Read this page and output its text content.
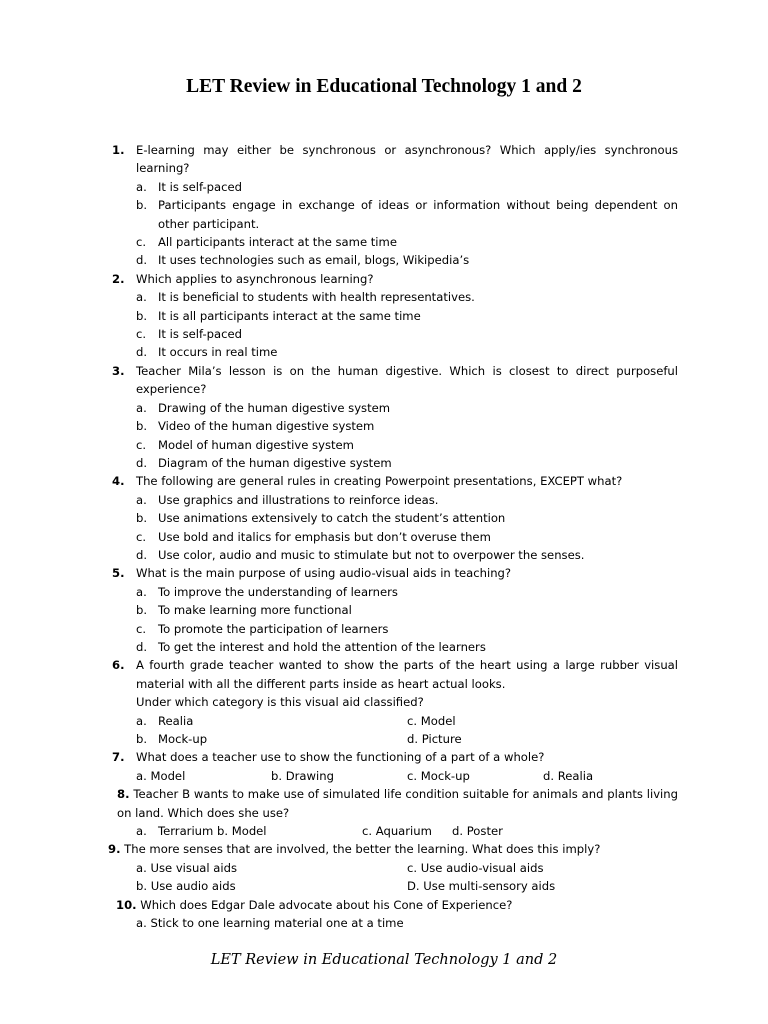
LET Review in Educational Technology 1 and 2
1. E-learning may either be synchronous or asynchronous? Which apply/ies synchronous learning?
a. It is self-paced
b. Participants engage in exchange of ideas or information without being dependent on other participant.
c. All participants interact at the same time
d. It uses technologies such as email, blogs, Wikipedia’s
2. Which applies to asynchronous learning?
a. It is beneficial to students with health representatives.
b. It is all participants interact at the same time
c. It is self-paced
d. It occurs in real time
3. Teacher Mila’s lesson is on the human digestive. Which is closest to direct purposeful experience?
a. Drawing of the human digestive system
b. Video of the human digestive system
c. Model of human digestive system
d. Diagram of the human digestive system
4. The following are general rules in creating Powerpoint presentations, EXCEPT what?
a. Use graphics and illustrations to reinforce ideas.
b. Use animations extensively to catch the student’s attention
c. Use bold and italics for emphasis but don’t overuse them
d. Use color, audio and music to stimulate but not to overpower the senses.
5. What is the main purpose of using audio-visual aids in teaching?
a. To improve the understanding of learners
b. To make learning more functional
c. To promote the participation of learners
d. To get the interest and hold the attention of the learners
6. A fourth grade teacher wanted to show the parts of the heart using a large rubber visual material with all the different parts inside as heart actual looks.
Under which category is this visual aid classified?
a. Realia	c. Model
b. Mock-up	d. Picture
7. What does a teacher use to show the functioning of a part of a whole?
a. Model	b. Drawing	c. Mock-up	d. Realia
8. Teacher B wants to make use of simulated life condition suitable for animals and plants living on land. Which does she use?
a. Terrarium b. Model	c. Aquarium d. Poster
9. The more senses that are involved, the better the learning. What does this imply?
a. Use visual aids	c. Use audio-visual aids
b. Use audio aids	D. Use multi-sensory aids
10. Which does Edgar Dale advocate about his Cone of Experience?
a. Stick to one learning material one at a time
LET Review in Educational Technology 1 and 2
